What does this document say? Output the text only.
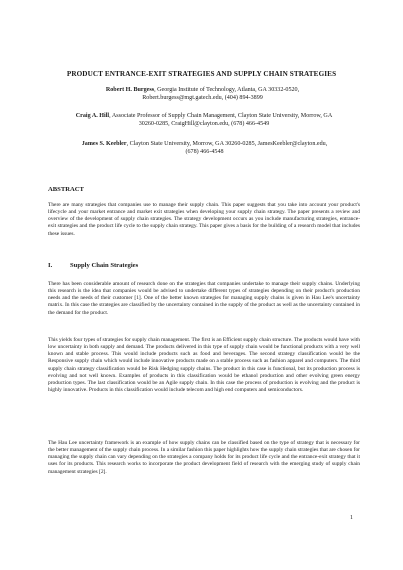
PRODUCT ENTRANCE-EXIT STRATEGIES AND SUPPLY CHAIN STRATEGIES
Robert H. Burgess, Georgia Institute of Technology, Atlanta, GA 30332-0520,
Robert.burgess@mgt.gatech.edu, (404) 894-3899
Craig A. Hill, Associate Professor of Supply Chain Management, Clayton State University, Morrow, GA
30260-0285, CraigHill@clayton.edu, (678) 466-4549
James S. Keebler, Clayton State University, Morrow, GA 30260-0285, JamesKeebler@clayton.edu,
(678) 466-4548
ABSTRACT

There are many strategies that companies use to manage their supply chain. This paper suggests that you take into account your product's lifecycle and your market entrance and market exit strategies when developing your supply chain strategy. The paper presents a review and overview of the development of supply chain strategies. The strategy development occurs as you include manufacturing strategies, entrance-exit strategies and the product life cycle to the supply chain strategy. This paper gives a basis for the building of a research model that includes these issues.

I.	Supply Chain Strategies

There has been considerable amount of research done on the strategies that companies undertake to manage their supply chains. Underlying this research is the idea that companies would be advised to undertake different types of strategies depending on their product's production needs and the needs of their customer [1]. One of the better known strategies for managing supply chains is given in Hau Lee's uncertainty matrix. In this case the strategies are classified by the uncertainty contained in the supply of the product as well as the uncertainty contained in the demand for the product.

This yields four types of strategies for supply chain management. The first is an Efficient supply chain structure. The products would have with low uncertainty in both supply and demand. The products delivered in this type of supply chain would be functional products with a very well known and stable process. This would include products such as food and beverages. The second strategy classification would be the Responsive supply chain which would include innovative products made on a stable process such as fashion apparel and computers. The third supply chain strategy classification would be Risk Hedging supply chains. The product in this case is functional, but its production process is evolving and not well known. Examples of products in this classification would be ethanol production and other evolving green energy production types. The last classification would be an Agile supply chain. In this case the process of production is evolving and the product is highly innovative. Products in this classification would include telecom and high end computers and semiconductors.

The Hau Lee uncertainty framework is an example of how supply chains can be classified based on the type of strategy that is necessary for the better management of the supply chain process. In a similar fashion this paper highlights how the supply chain strategies that are chosen for managing the supply chain can vary depending on the strategies a company holds for its product life cycle and the entrance-exit strategy that it uses for its products. This research works to incorporate the product development field of research with the emerging study of supply chain management strategies [2].

1
